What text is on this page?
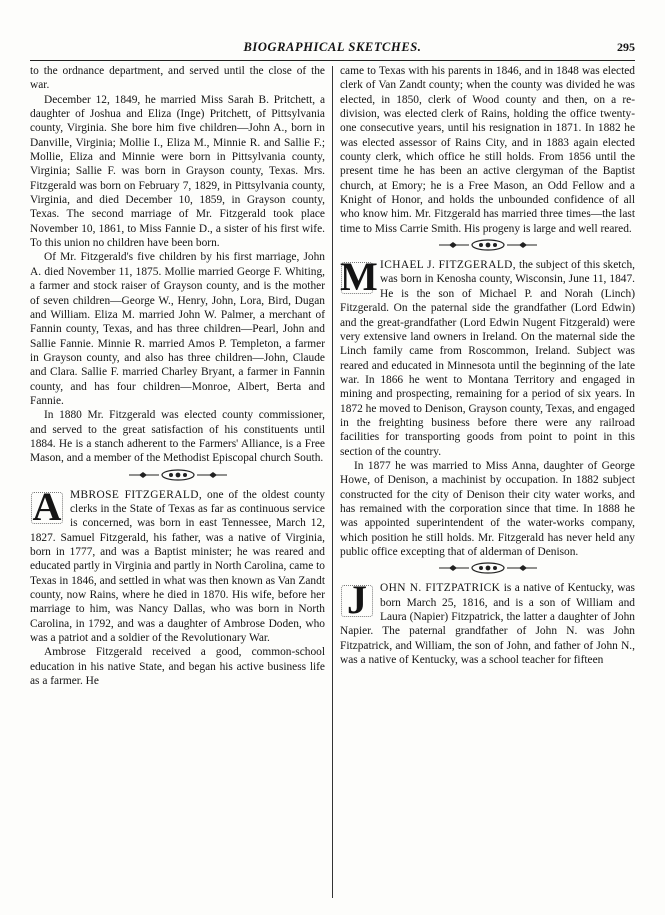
BIOGRAPHICAL SKETCHES.	295

to the ordnance department, and served until the close of the war.

December 12, 1849, he married Miss Sarah B. Pritchett, a daughter of Joshua and Eliza (Inge) Pritchett, of Pittsylvania county, Virginia. She bore him five children—John A., born in Danville, Virginia; Mollie I., Eliza M., Minnie R. and Sallie F.; Mollie, Eliza and Minnie were born in Pittsylvania county, Virginia; Sallie F. was born in Grayson county, Texas. Mrs. Fitzgerald was born on February 7, 1829, in Pittsylvania county, Virginia, and died December 10, 1859, in Grayson county, Texas. The second marriage of Mr. Fitzgerald took place November 10, 1861, to Miss Fannie D., a sister of his first wife. To this union no children have been born.

Of Mr. Fitzgerald's five children by his first marriage, John A. died November 11, 1875. Mollie married George F. Whiting, a farmer and stock raiser of Grayson county, and is the mother of seven children—George W., Henry, John, Lora, Bird, Dugan and William. Eliza M. married John W. Palmer, a merchant of Fannin county, Texas, and has three children—Pearl, John and Sallie Fannie. Minnie R. married Amos P. Templeton, a farmer in Grayson county, and also has three children—John, Claude and Clara. Sallie F. married Charley Bryant, a farmer in Fannin county, and has four children—Monroe, Albert, Berta and Fannie.

In 1880 Mr. Fitzgerald was elected county commissioner, and served to the great satisfaction of his constituents until 1884. He is a stanch adherent to the Farmers' Alliance, is a Free Mason, and a member of the Methodist Episcopal church South.

AMBROSE FITZGERALD, one of the oldest county clerks in the State of Texas as far as continuous service is concerned, was born in east Tennessee, March 12, 1827. Samuel Fitzgerald, his father, was a native of Virginia, born in 1777, and was a Baptist minister; he was reared and educated partly in Virginia and partly in North Carolina, came to Texas in 1846, and settled in what was then known as Van Zandt county, now Rains, where he died in 1870. His wife, before her marriage to him, was Nancy Dallas, who was born in North Carolina, in 1792, and was a daughter of Ambrose Doden, who was a patriot and a soldier of the Revolutionary War.

Ambrose Fitzgerald received a good, common-school education in his native State, and began his active business life as a farmer. He

came to Texas with his parents in 1846, and in 1848 was elected clerk of Van Zandt county; when the county was divided he was elected, in 1850, clerk of Wood county and then, on a re-division, was elected clerk of Rains, holding the office twenty-one consecutive years, until his resignation in 1871. In 1882 he was elected assessor of Rains City, and in 1883 again elected county clerk, which office he still holds. From 1856 until the present time he has been an active clergyman of the Baptist church, at Emory; he is a Free Mason, an Odd Fellow and a Knight of Honor, and holds the unbounded confidence of all who know him. Mr. Fitzgerald has married three times—the last time to Miss Carrie Smith. His progeny is large and well reared.

MICHAEL J. FITZGERALD, the subject of this sketch, was born in Kenosha county, Wisconsin, June 11, 1847. He is the son of Michael P. and Norah (Linch) Fitzgerald. On the paternal side the grandfather (Lord Edwin) and the great-grandfather (Lord Edwin Nugent Fitzgerald) were very extensive land owners in Ireland. On the maternal side the Linch family came from Roscommon, Ireland. Subject was reared and educated in Minnesota until the beginning of the late war. In 1866 he went to Montana Territory and engaged in mining and prospecting, remaining for a period of six years. In 1872 he moved to Denison, Grayson county, Texas, and engaged in the freighting business before there were any railroad facilities for transporting goods from point to point in this section of the country.

In 1877 he was married to Miss Anna, daughter of George Howe, of Denison, a machinist by occupation. In 1882 subject constructed for the city of Denison their city water works, and has remained with the corporation since that time. In 1888 he was appointed superintendent of the water-works company, which position he still holds. Mr. Fitzgerald has never held any public office excepting that of alderman of Denison.

J	OHN N. FITZPATRICK is a native of Kentucky, was born March 25, 1816, and is a son of William and Laura (Napier) Fitzpatrick, the latter a daughter of John Napier. The paternal grandfather of John N. was John Fitzpatrick, and William, the son of John, and father of John N., was a native of Kentucky, was a school teacher for fifteen
